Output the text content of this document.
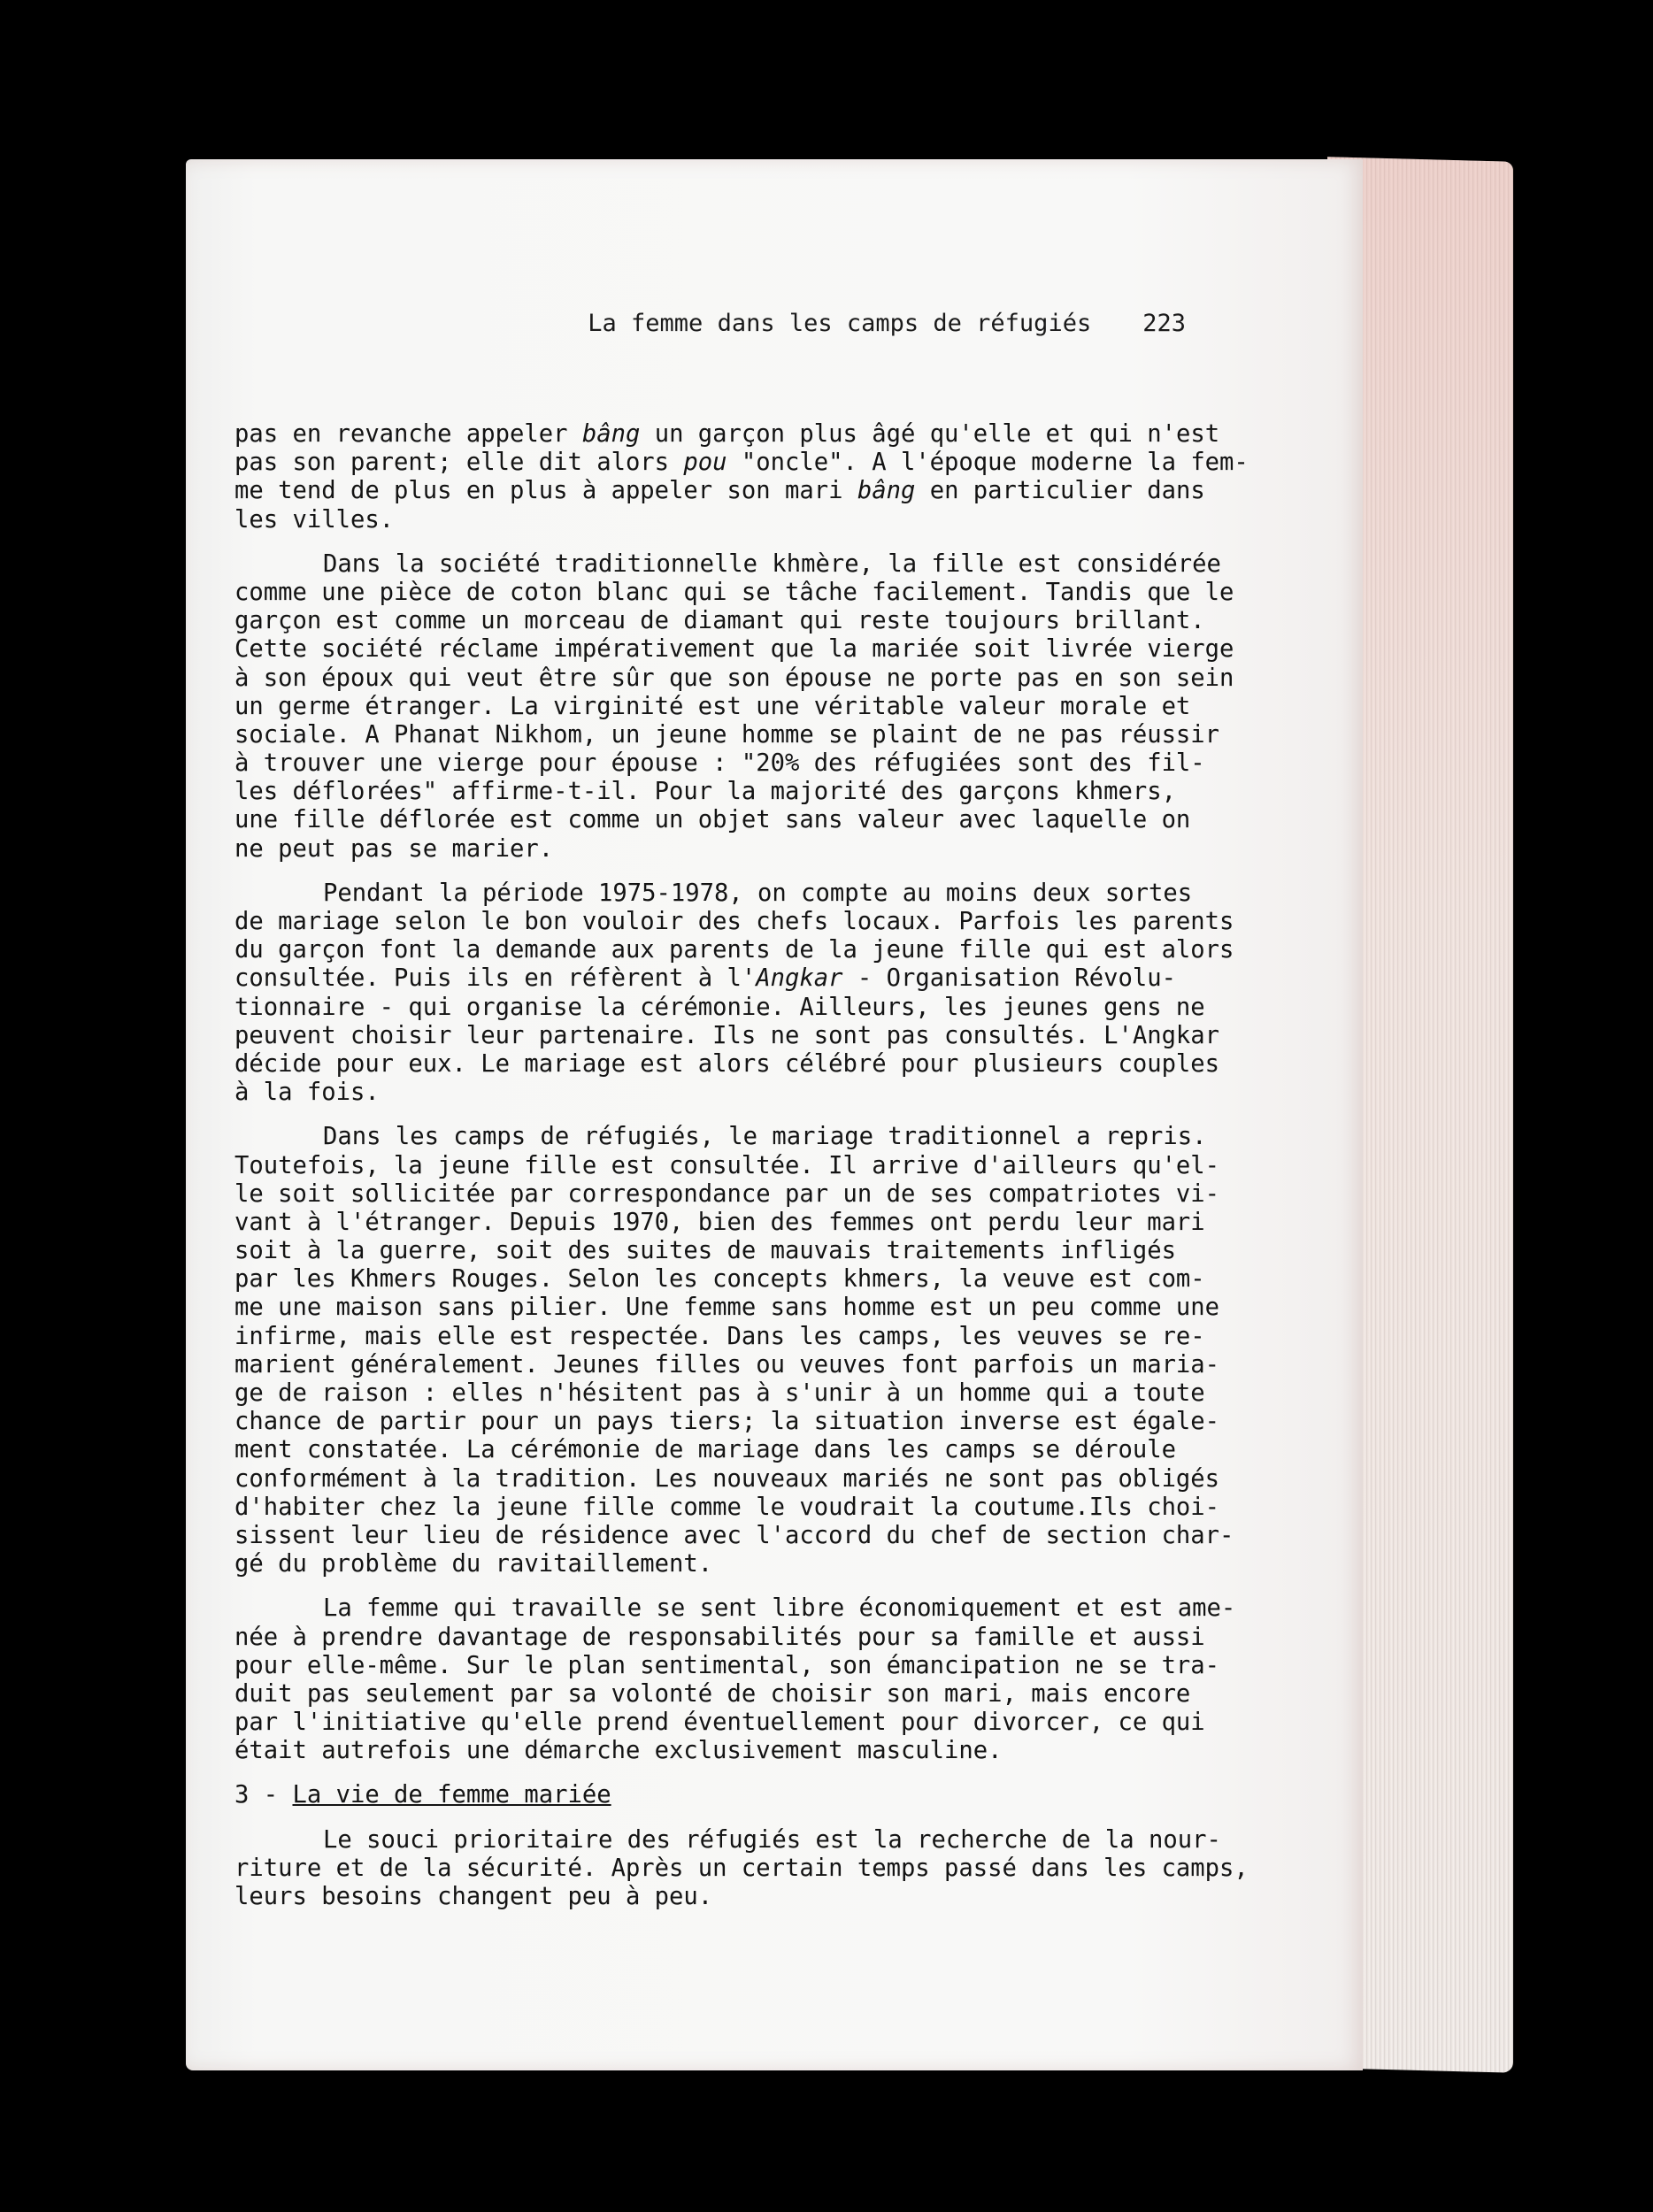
La femme dans les camps de réfugiés 223
pas en revanche appeler bâng un garçon plus âgé qu'elle et qui n'est
pas son parent; elle dit alors pou "oncle". A l'époque moderne la fem-
me tend de plus en plus à appeler son mari bâng en particulier dans
les villes.
Dans la société traditionnelle khmère, la fille est considérée
comme une pièce de coton blanc qui se tâche facilement. Tandis que le
garçon est comme un morceau de diamant qui reste toujours brillant.
Cette société réclame impérativement que la mariée soit livrée vierge
à son époux qui veut être sûr que son épouse ne porte pas en son sein
un germe étranger. La virginité est une véritable valeur morale et
sociale. A Phanat Nikhom, un jeune homme se plaint de ne pas réussir
à trouver une vierge pour épouse : "20% des réfugiées sont des fil-
les déflorées" affirme-t-il. Pour la majorité des garçons khmers,
une fille déflorée est comme un objet sans valeur avec laquelle on
ne peut pas se marier.
Pendant la période 1975-1978, on compte au moins deux sortes
de mariage selon le bon vouloir des chefs locaux. Parfois les parents
du garçon font la demande aux parents de la jeune fille qui est alors
consultée. Puis ils en réfèrent à l'Angkar - Organisation Révolu-
tionnaire - qui organise la cérémonie. Ailleurs, les jeunes gens ne
peuvent choisir leur partenaire. Ils ne sont pas consultés. L'Angkar
décide pour eux. Le mariage est alors célébré pour plusieurs couples
à la fois.
Dans les camps de réfugiés, le mariage traditionnel a repris.
Toutefois, la jeune fille est consultée. Il arrive d'ailleurs qu'el-
le soit sollicitée par correspondance par un de ses compatriotes vi-
vant à l'étranger. Depuis 1970, bien des femmes ont perdu leur mari
soit à la guerre, soit des suites de mauvais traitements infligés
par les Khmers Rouges. Selon les concepts khmers, la veuve est com-
me une maison sans pilier. Une femme sans homme est un peu comme une
infirme, mais elle est respectée. Dans les camps, les veuves se re-
marient généralement. Jeunes filles ou veuves font parfois un maria-
ge de raison : elles n'hésitent pas à s'unir à un homme qui a toute
chance de partir pour un pays tiers; la situation inverse est égale-
ment constatée. La cérémonie de mariage dans les camps se déroule
conformément à la tradition. Les nouveaux mariés ne sont pas obligés
d'habiter chez la jeune fille comme le voudrait la coutume.Ils choi-
sissent leur lieu de résidence avec l'accord du chef de section char-
gé du problème du ravitaillement.
La femme qui travaille se sent libre économiquement et est ame-
née à prendre davantage de responsabilités pour sa famille et aussi
pour elle-même. Sur le plan sentimental, son émancipation ne se tra-
duit pas seulement par sa volonté de choisir son mari, mais encore
par l'initiative qu'elle prend éventuellement pour divorcer, ce qui
était autrefois une démarche exclusivement masculine.
3 - La vie de femme mariée
Le souci prioritaire des réfugiés est la recherche de la nour-
riture et de la sécurité. Après un certain temps passé dans les camps,
leurs besoins changent peu à peu.
